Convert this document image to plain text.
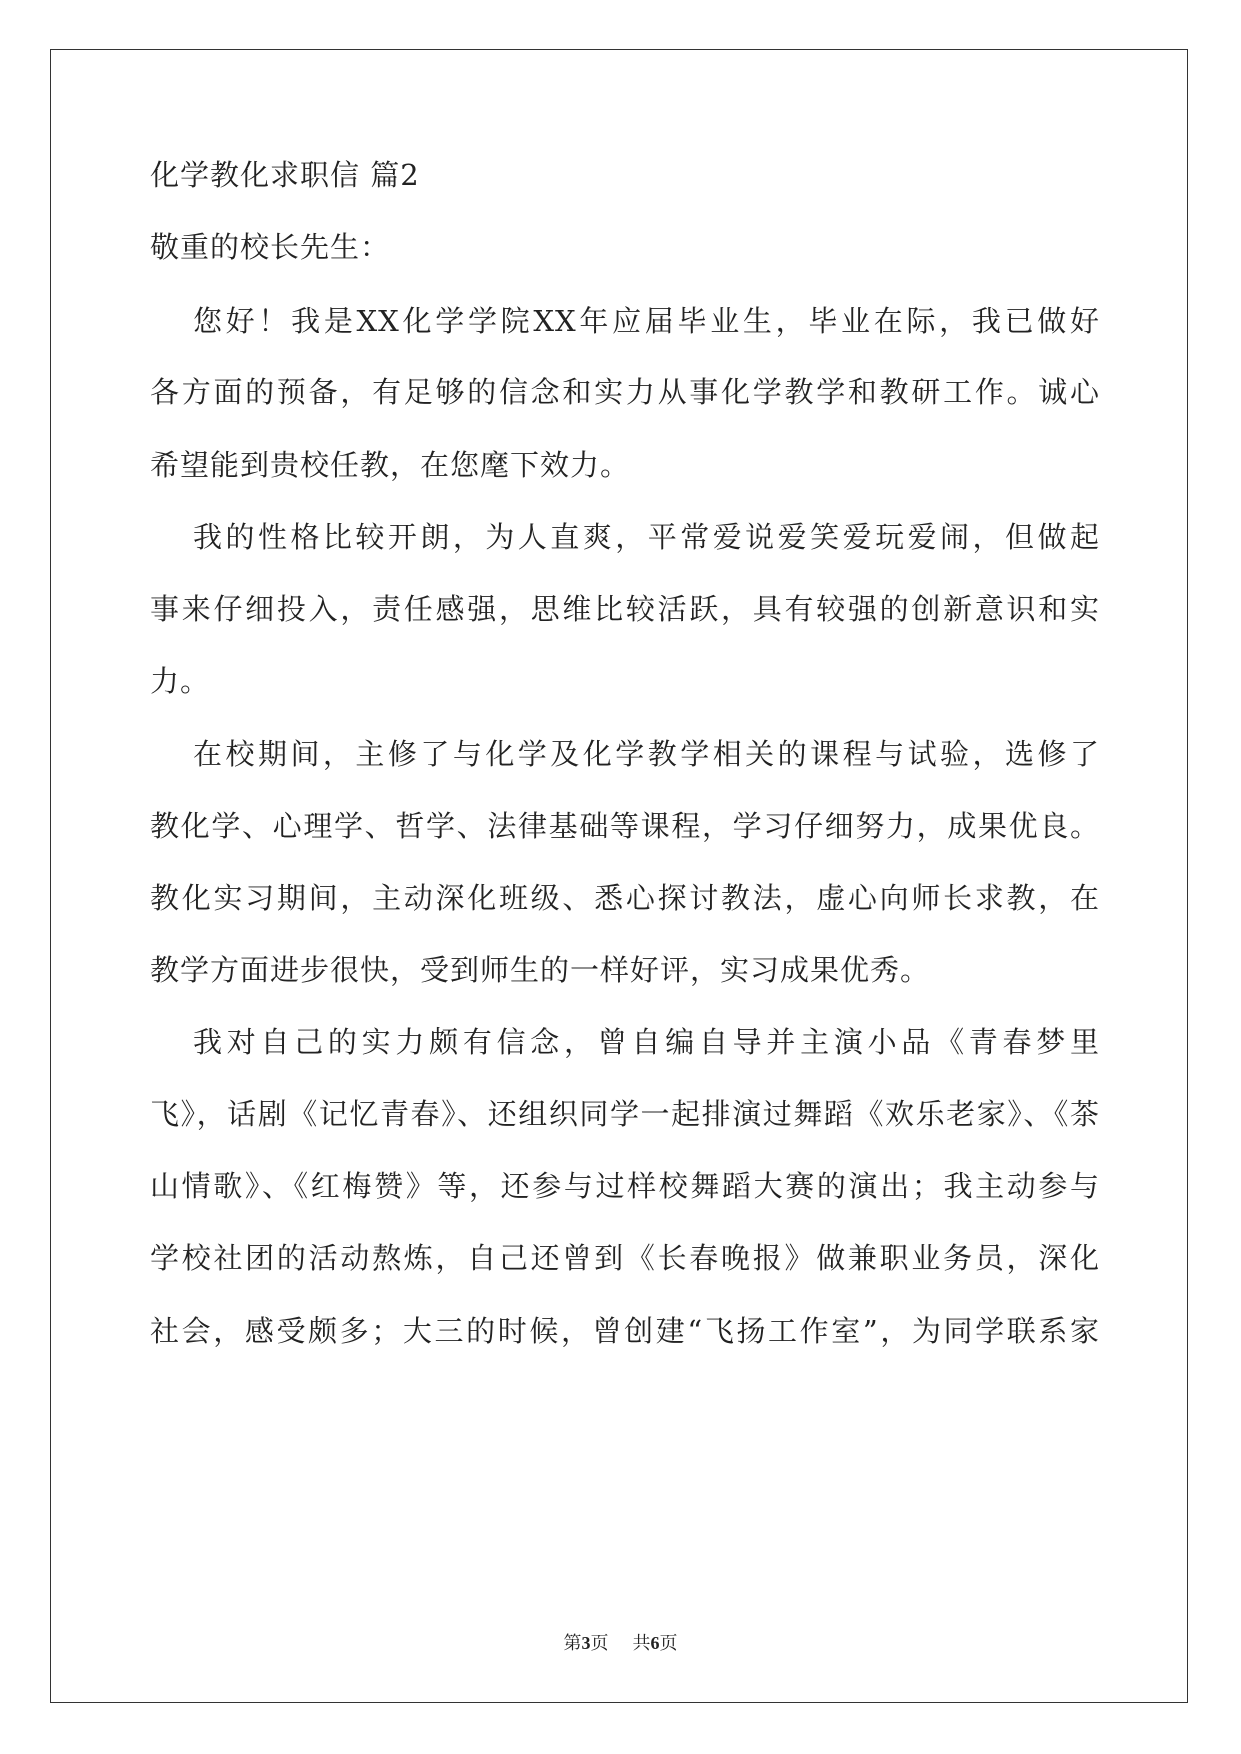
化学教化求职信 篇2
敬重的校长先生：
您好！我是XX化学学院XX年应届毕业生，毕业在际，我已做好
各方面的预备，有足够的信念和实力从事化学教学和教研工作。诚心
希望能到贵校任教，在您麾下效力。
我的性格比较开朗，为人直爽，平常爱说爱笑爱玩爱闹，但做起
事来仔细投入，责任感强，思维比较活跃，具有较强的创新意识和实
力。
在校期间，主修了与化学及化学教学相关的课程与试验，选修了
教化学、心理学、哲学、法律基础等课程，学习仔细努力，成果优良。
教化实习期间，主动深化班级、悉心探讨教法，虚心向师长求教，在
教学方面进步很快，受到师生的一样好评，实习成果优秀。
我对自己的实力颇有信念，曾自编自导并主演小品《青春梦里
飞》，话剧《记忆青春》、还组织同学一起排演过舞蹈《欢乐老家》、《茶
山情歌》、《红梅赞》等，还参与过样校舞蹈大赛的演出；我主动参与
学校社团的活动熬炼，自己还曾到《长春晚报》做兼职业务员，深化
社会，感受颇多；大三的时候，曾创建“飞扬工作室”，为同学联系家
第3页 共6页
